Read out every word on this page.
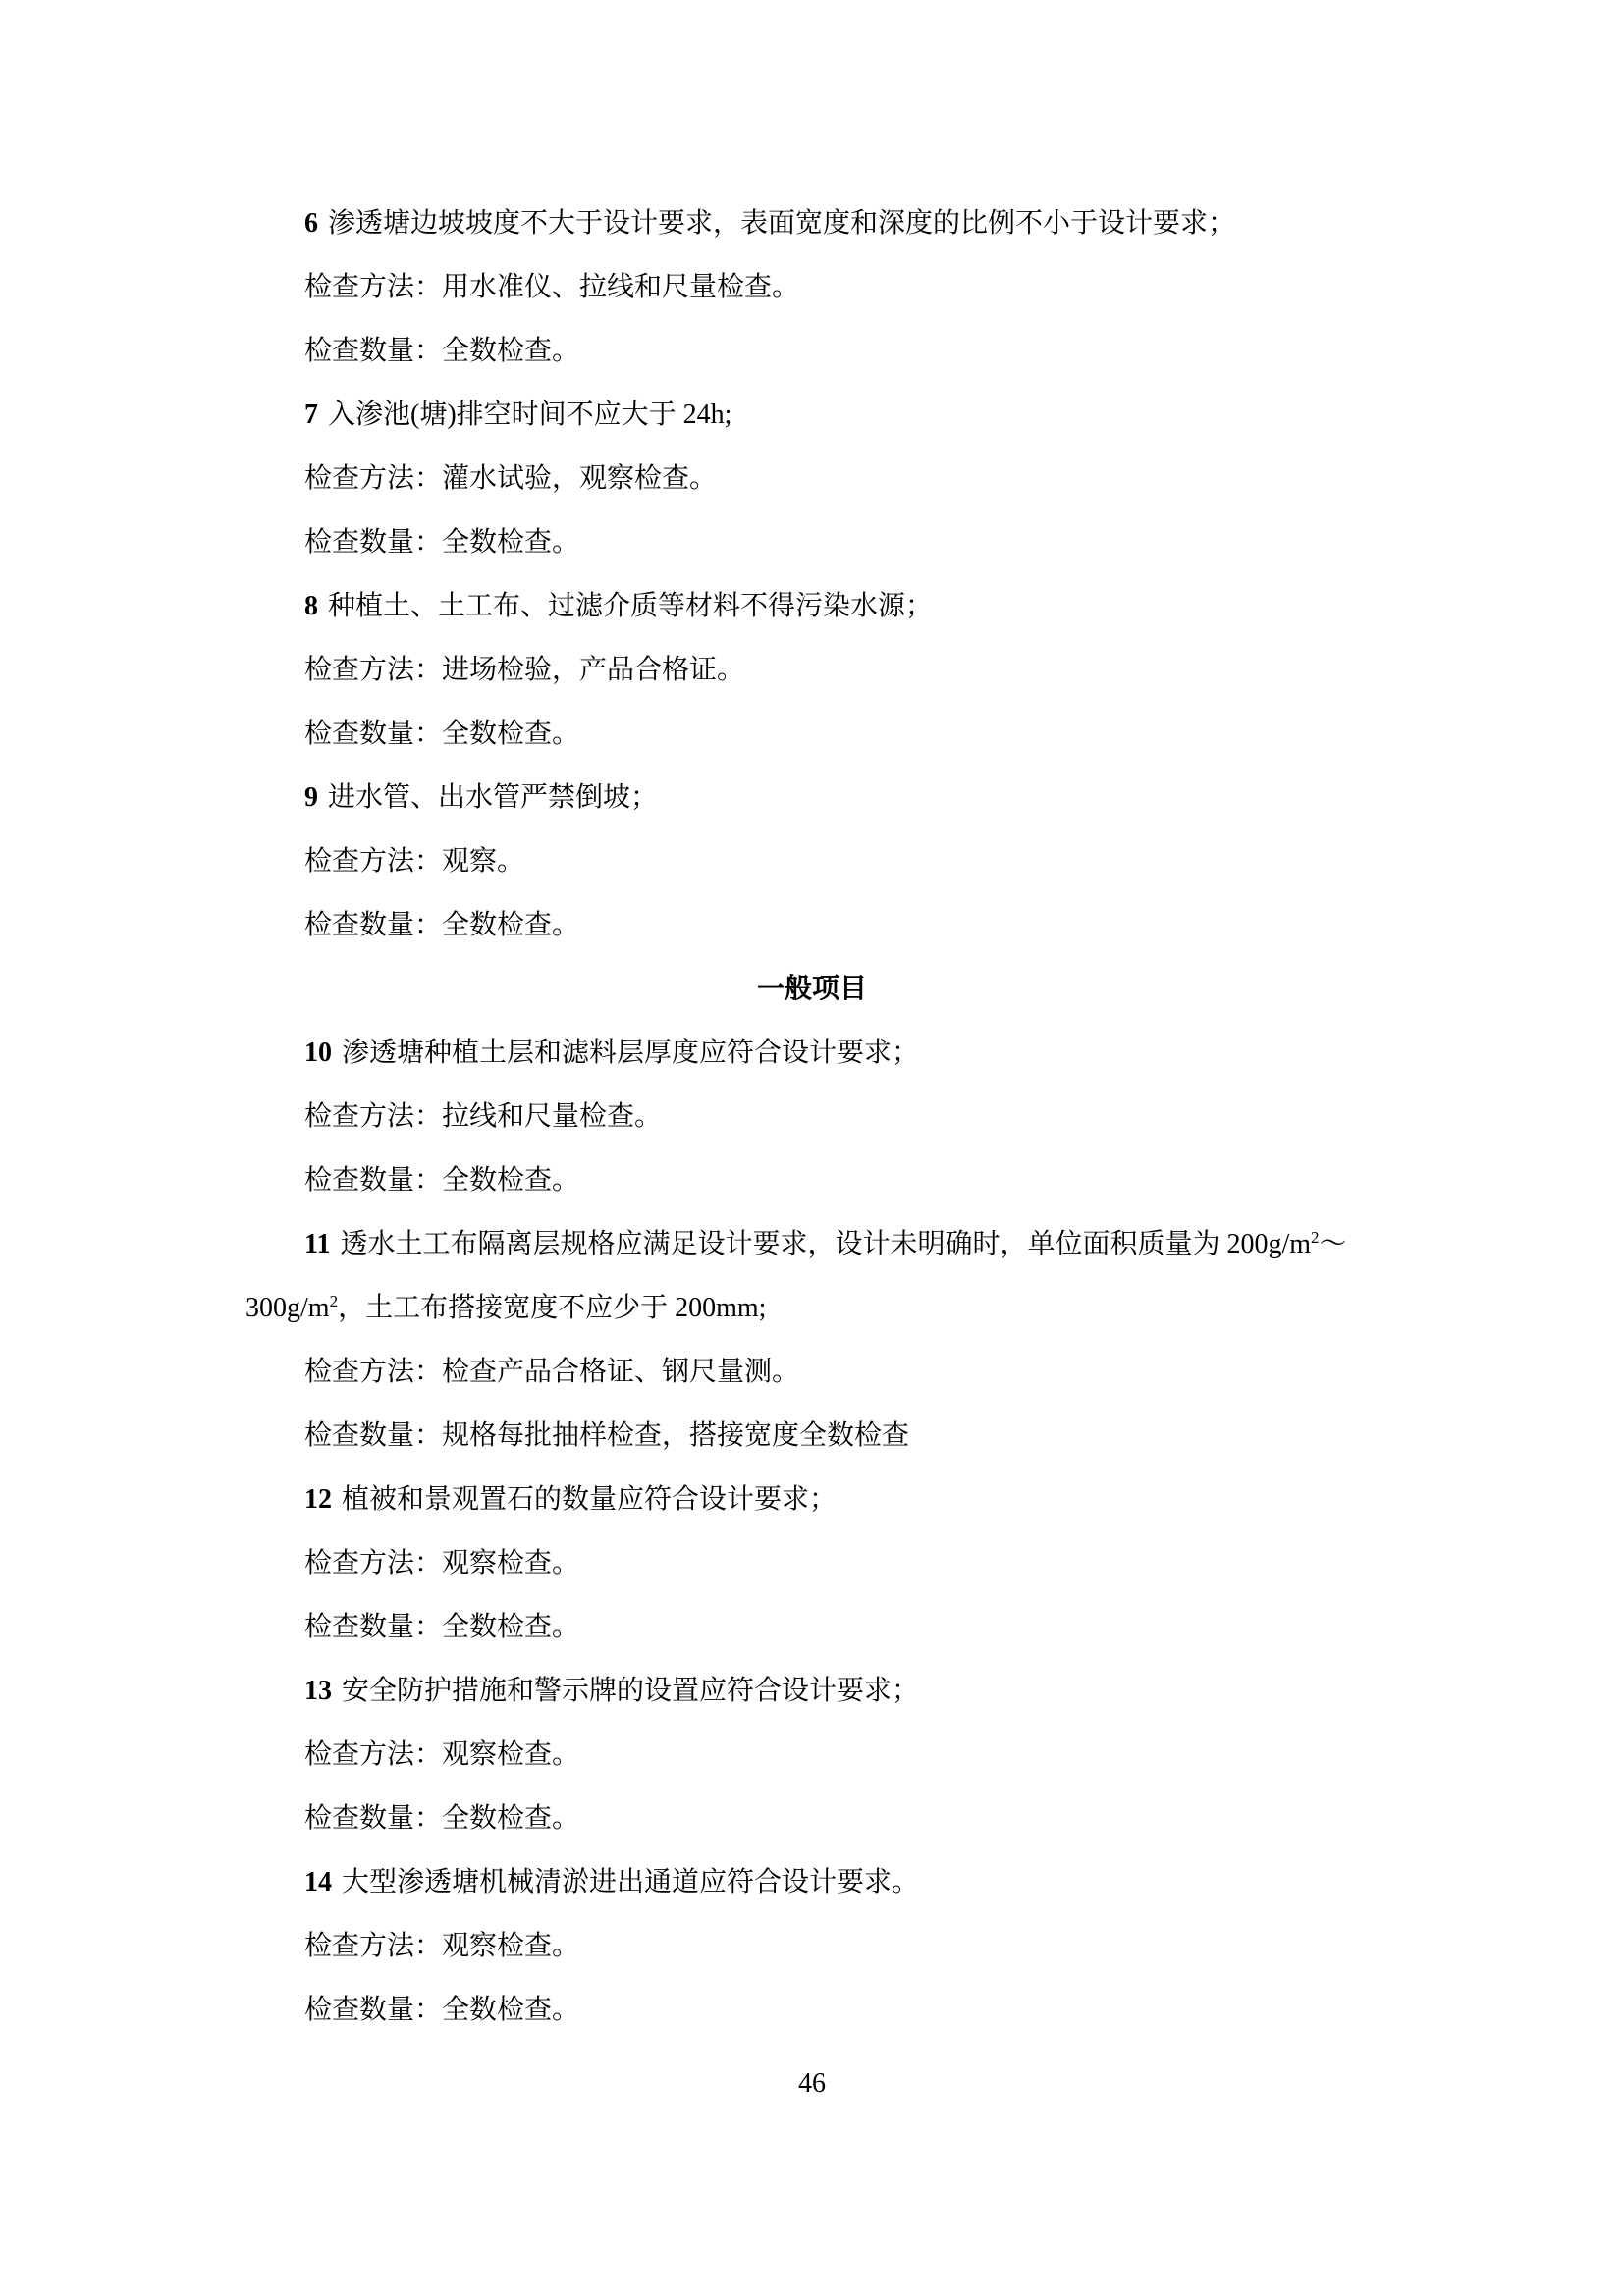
6 渗透塘边坡坡度不大于设计要求，表面宽度和深度的比例不小于设计要求；
检查方法：用水准仪、拉线和尺量检查。
检查数量：全数检查。
7 入渗池(塘)排空时间不应大于 24h;
检查方法：灌水试验，观察检查。
检查数量：全数检查。
8 种植土、土工布、过滤介质等材料不得污染水源；
检查方法：进场检验，产品合格证。
检查数量：全数检查。
9 进水管、出水管严禁倒坡；
检查方法：观察。
检查数量：全数检查。
一般项目
10 渗透塘种植土层和滤料层厚度应符合设计要求；
检查方法：拉线和尺量检查。
检查数量：全数检查。
11 透水土工布隔离层规格应满足设计要求，设计未明确时，单位面积质量为 $200g/m^2\sim$
$300g/m^2$，土工布搭接宽度不应少于 200mm;
检查方法：检查产品合格证、钢尺量测。
检查数量：规格每批抽样检查，搭接宽度全数检查
12 植被和景观置石的数量应符合设计要求；
检查方法：观察检查。
检查数量：全数检查。
13 安全防护措施和警示牌的设置应符合设计要求；
检查方法：观察检查。
检查数量：全数检查。
14 大型渗透塘机械清淤进出通道应符合设计要求。
检查方法：观察检查。
检查数量：全数检查。
46
